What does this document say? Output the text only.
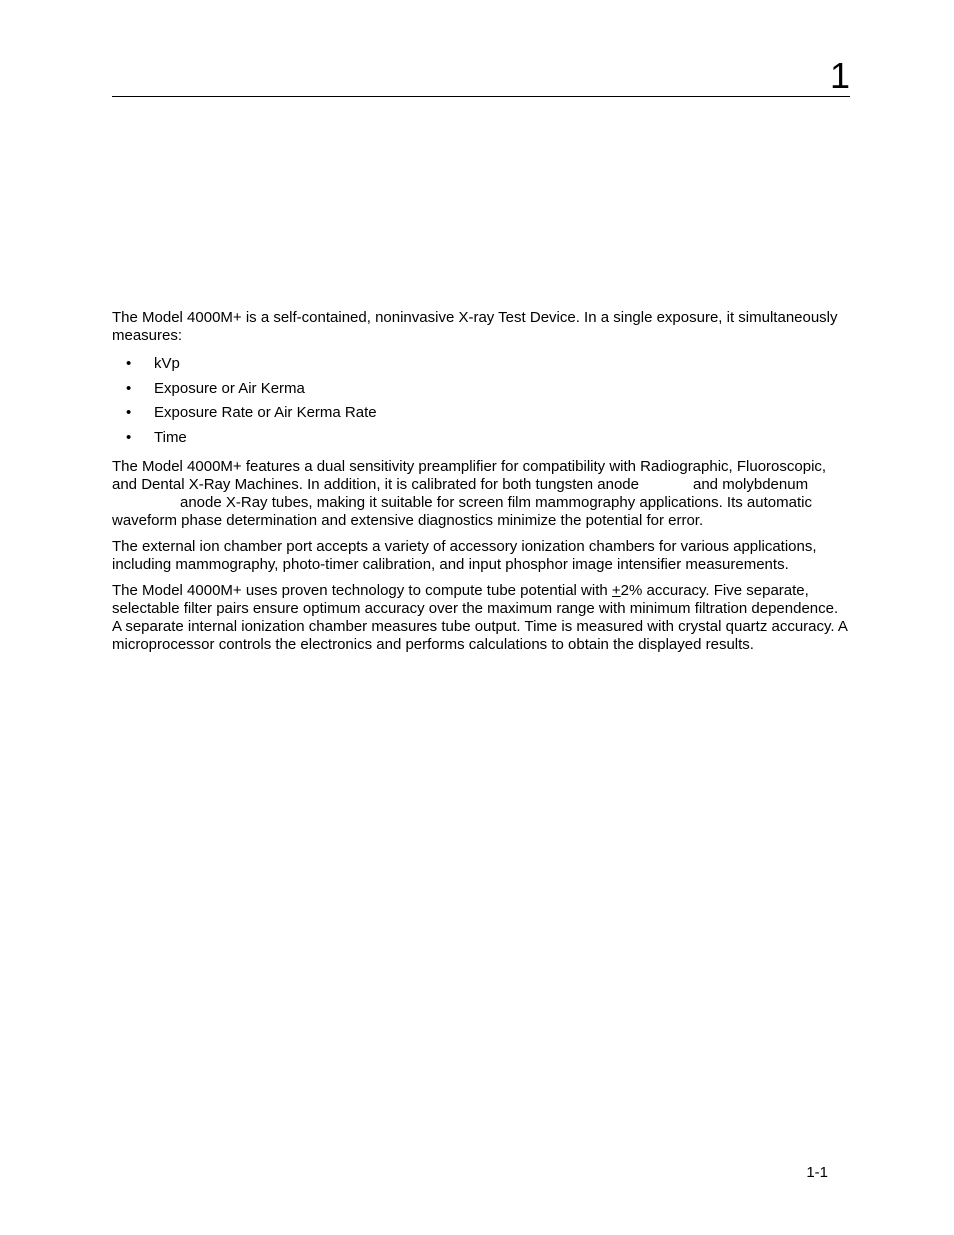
1

The Model 4000M+ is a self-contained, noninvasive X-ray Test Device. In a single exposure, it simultaneously measures:

• kVp
• Exposure or Air Kerma
• Exposure Rate or Air Kerma Rate
• Time

The Model 4000M+ features a dual sensitivity preamplifier for compatibility with Radiographic, Fluoroscopic, and Dental X-Ray Machines. In addition, it is calibrated for both tungsten anode	and molybdenumanode X-Ray tubes, making it suitable for screen film mammography applications. Its automatic waveform phase determination and extensive diagnostics minimize the potential for error.

The external ion chamber port accepts a variety of accessory ionization chambers for various applications, including mammography, photo-timer calibration, and input phosphor image intensifier measurements.

The Model 4000M+ uses proven technology to compute tube potential with +2% accuracy. Five separate, selectable filter pairs ensure optimum accuracy over the maximum range with minimum filtration dependence. A separate internal ionization chamber measures tube output. Time is measured with crystal quartz accuracy. A microprocessor controls the electronics and performs calculations to obtain the displayed results.

1-1
